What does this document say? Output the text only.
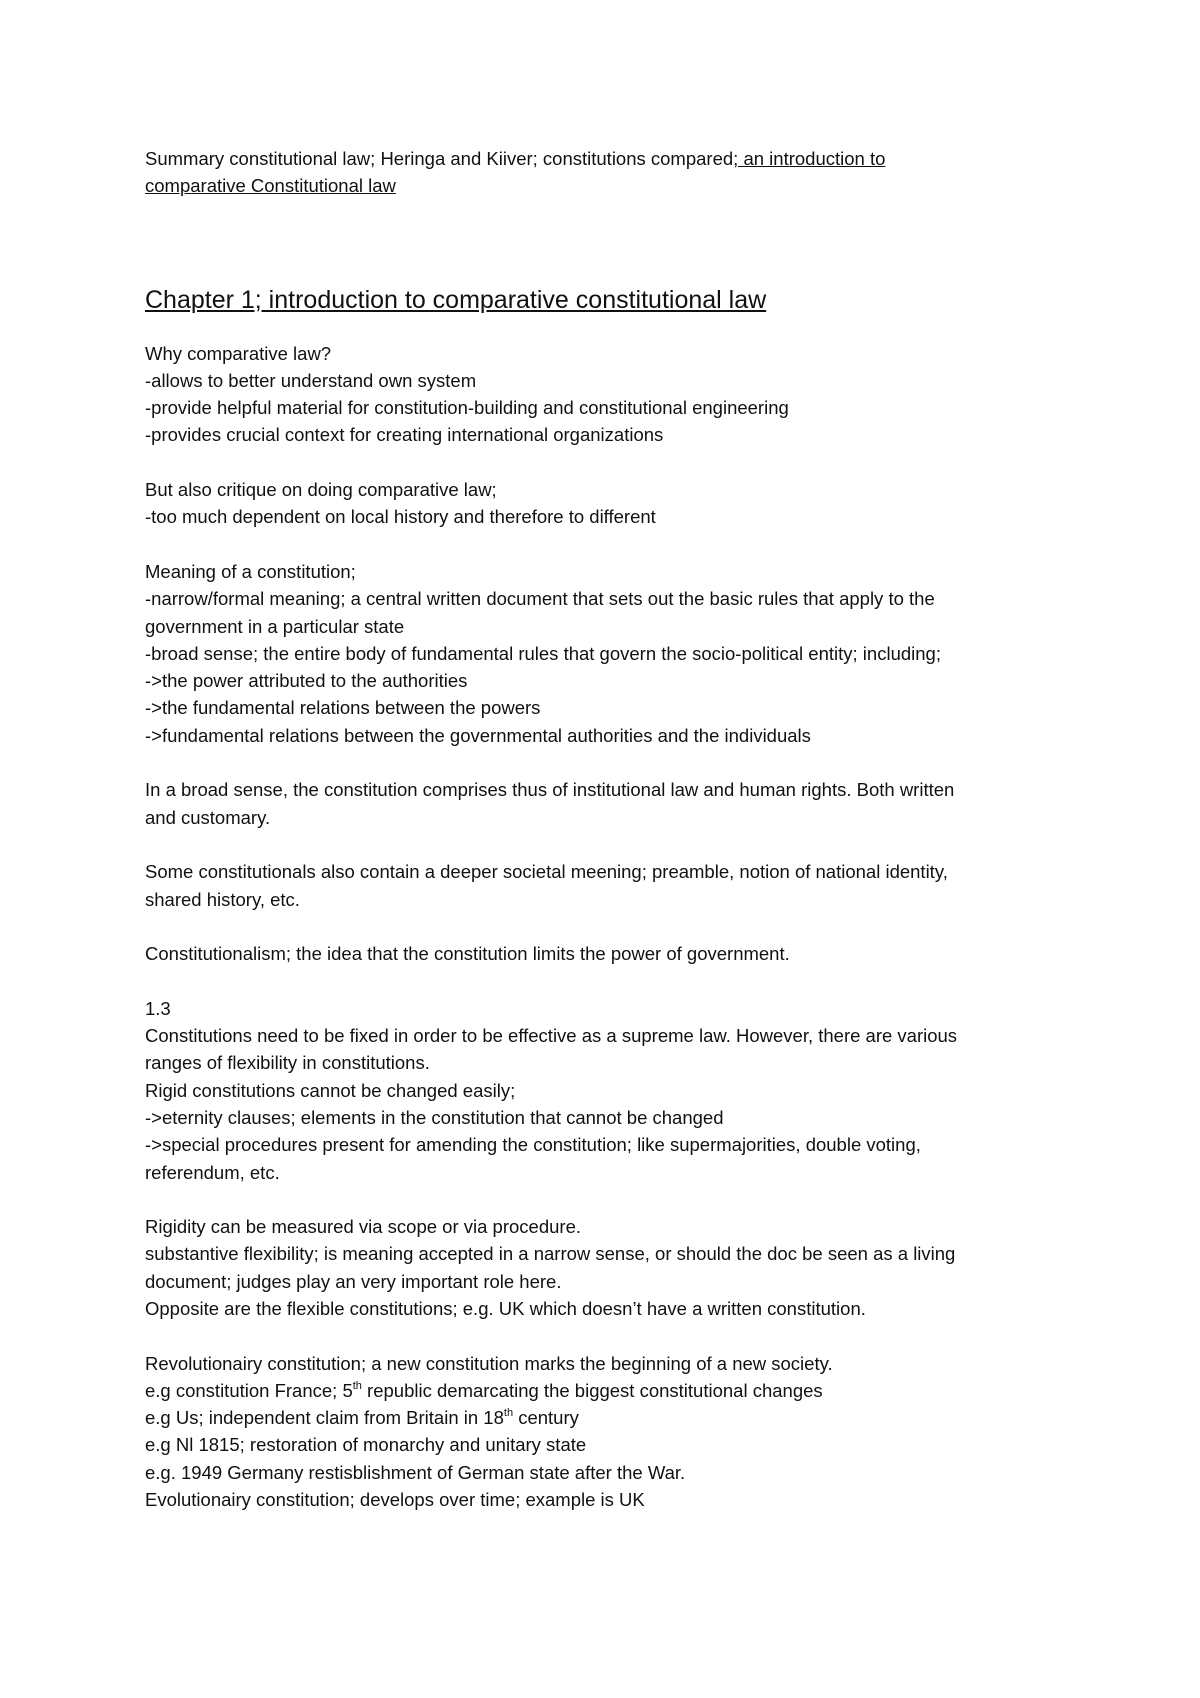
Summary constitutional law; Heringa and Kiiver; constitutions compared; an introduction to
comparative Constitutional law

Chapter 1; introduction to comparative constitutional law

Why comparative law?
-allows to better understand own system
-provide helpful material for constitution-building and constitutional engineering
-provides crucial context for creating international organizations

But also critique on doing comparative law;
-too much dependent on local history and therefore to different

Meaning of a constitution;
-narrow/formal meaning; a central written document that sets out the basic rules that apply to the
government in a particular state
-broad sense; the entire body of fundamental rules that govern the socio-political entity; including;
->the power attributed to the authorities
->the fundamental relations between the powers
->fundamental relations between the governmental authorities and the individuals

In a broad sense, the constitution comprises thus of institutional law and human rights. Both written
and customary.

Some constitutionals also contain a deeper societal meening; preamble, notion of national identity,
shared history, etc.

Constitutionalism; the idea that the constitution limits the power of government.

1.3
Constitutions need to be fixed in order to be effective as a supreme law. However, there are various
ranges of flexibility in constitutions.
Rigid constitutions cannot be changed easily;
->eternity clauses; elements in the constitution that cannot be changed
->special procedures present for amending the constitution; like supermajorities, double voting,
referendum, etc.

Rigidity can be measured via scope or via procedure.
substantive flexibility; is meaning accepted in a narrow sense, or should the doc be seen as a living
document; judges play an very important role here.
Opposite are the flexible constitutions; e.g. UK which doesn’t have a written constitution.

Revolutionairy constitution; a new constitution marks the beginning of a new society.
e.g constitution France; 5th republic demarcating the biggest constitutional changes
e.g Us; independent claim from Britain in 18th century
e.g Nl 1815; restoration of monarchy and unitary state
e.g. 1949 Germany restisblishment of German state after the War.
Evolutionairy constitution; develops over time; example is UK
